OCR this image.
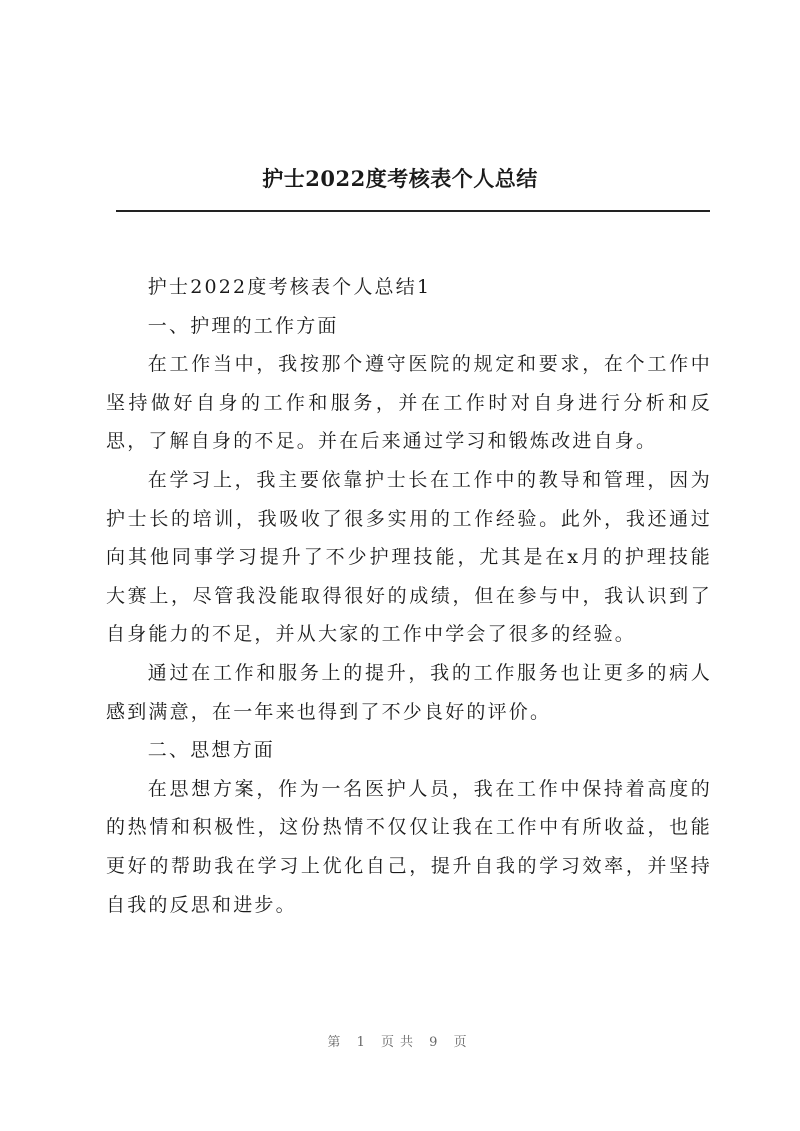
护士2022度考核表个人总结

护士2022度考核表个人总结1

一、护理的工作方面

在工作当中，我按那个遵守医院的规定和要求，在个工作中坚持做好自身的工作和服务，并在工作时对自身进行分析和反思，了解自身的不足。并在后来通过学习和锻炼改进自身。

在学习上，我主要依靠护士长在工作中的教导和管理，因为护士长的培训，我吸收了很多实用的工作经验。此外，我还通过向其他同事学习提升了不少护理技能，尤其是在x月的护理技能大赛上，尽管我没能取得很好的成绩，但在参与中，我认识到了自身能力的不足，并从大家的工作中学会了很多的经验。

通过在工作和服务上的提升，我的工作服务也让更多的病人感到满意，在一年来也得到了不少良好的评价。

二、思想方面

在思想方案，作为一名医护人员，我在工作中保持着高度的的热情和积极性，这份热情不仅仅让我在工作中有所收益，也能更好的帮助我在学习上优化自己，提升自我的学习效率，并坚持自我的反思和进步。

第 1 页共 9 页
